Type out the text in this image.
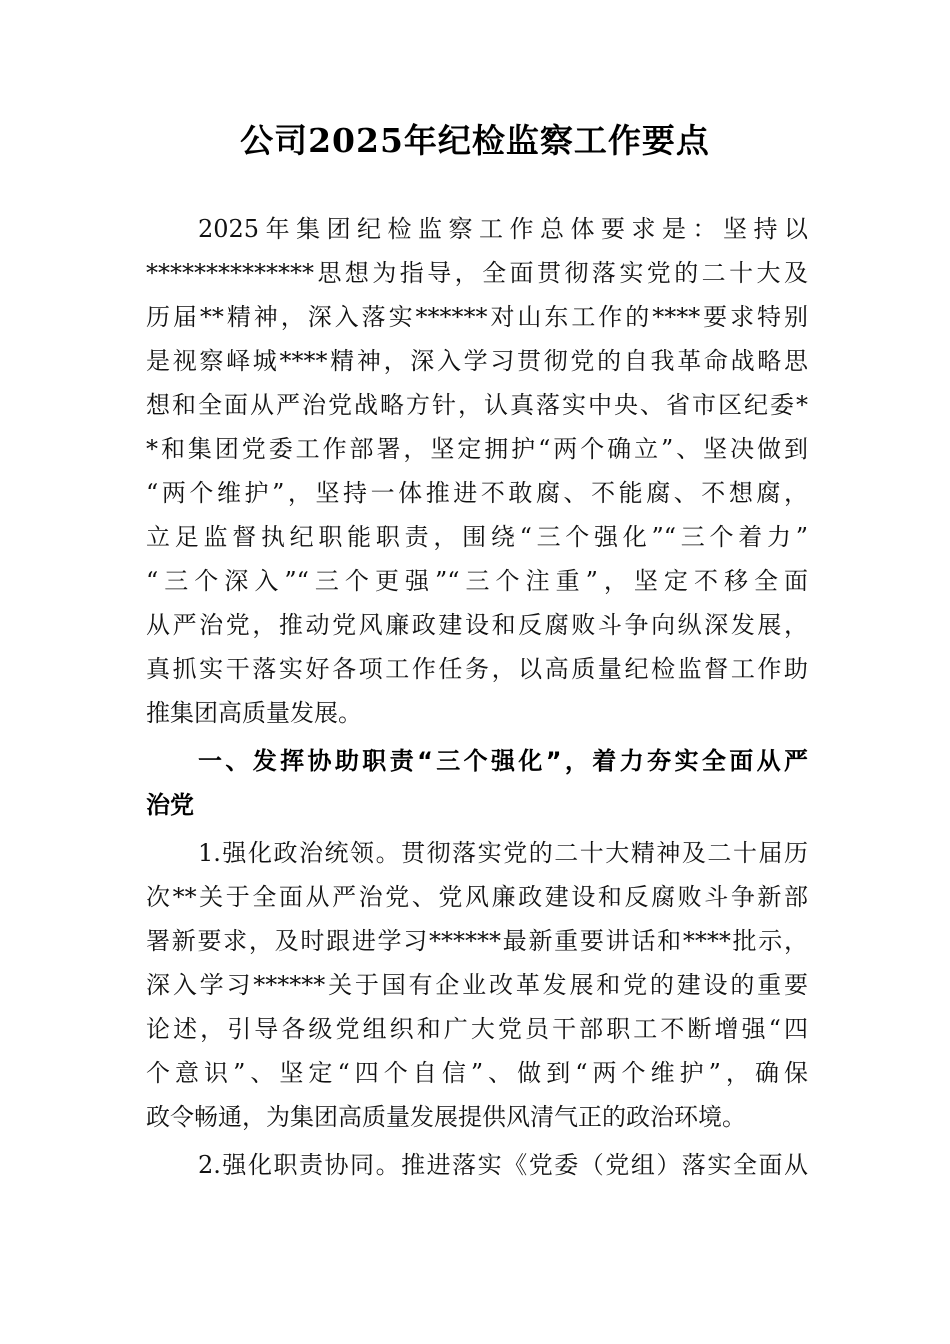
公司2025年纪检监察工作要点
2025年集团纪检监察工作总体要求是：坚持以
**************思想为指导，全面贯彻落实党的二十大及
历届**精神，深入落实******对山东工作的****要求特别
是视察峄城****精神，深入学习贯彻党的自我革命战略思
想和全面从严治党战略方针，认真落实中央、省市区纪委*
*和集团党委工作部署，坚定拥护“两个确立”、坚决做到
“两个维护”，坚持一体推进不敢腐、不能腐、不想腐，
立足监督执纪职能职责，围绕“三个强化”“三个着力”
“三个深入”“三个更强”“三个注重”，坚定不移全面
从严治党，推动党风廉政建设和反腐败斗争向纵深发展，
真抓实干落实好各项工作任务，以高质量纪检监督工作助
推集团高质量发展。
一、发挥协助职责“三个强化”，着力夯实全面从严
治党
1.强化政治统领。贯彻落实党的二十大精神及二十届历
次**关于全面从严治党、党风廉政建设和反腐败斗争新部
署新要求，及时跟进学习******最新重要讲话和****批示，
深入学习******关于国有企业改革发展和党的建设的重要
论述，引导各级党组织和广大党员干部职工不断增强“四
个意识”、坚定“四个自信”、做到“两个维护”，确保
政令畅通，为集团高质量发展提供风清气正的政治环境。
2.强化职责协同。推进落实《党委（党组）落实全面从
